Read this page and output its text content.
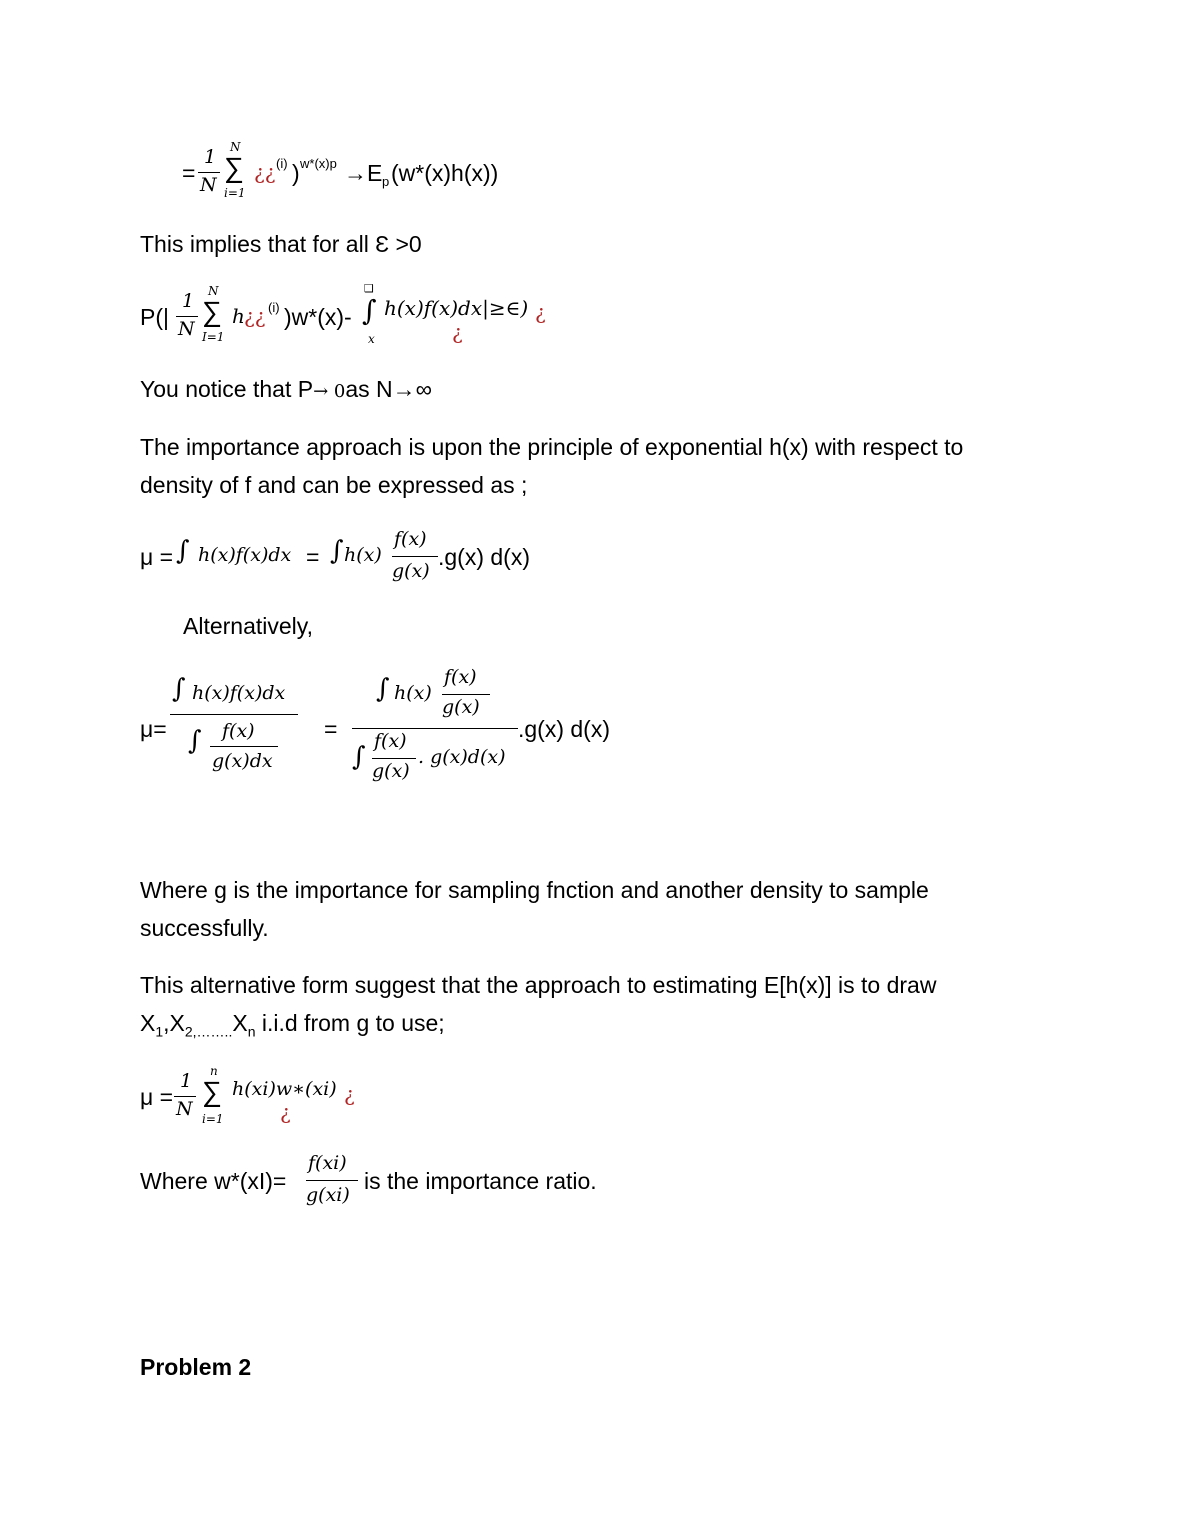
=
1
N
N
∑
i=1
¿¿ (i) ) w*(x)p →E p (w*(x)h(x))
This implies that for all Ɛ >0
P(|
1
N
N
∑
I=1
h ¿¿ (i) )w*(x)-
❑
∫
x
h(x)f(x)dx|≥∈) ¿
¿
You notice that P→ 0as N→∞
The importance approach is upon the principle of exponential h(x) with respect to density of f and can be expressed as ;
μ = ∫ h(x)f(x)dx = ∫ h(x)
f(x)
g(x)
.g(x) d(x)
Alternatively,
μ=
∫ h(x)f(x)dx
∫ f(x)
g(x)dx
=
∫ h(x)
f(x)
g(x)
∫
f(x)
g(x)
. g(x)d(x)
.g(x) d(x)
Where g is the importance for sampling fnction and another density to sample successfully.
This alternative form suggest that the approach to estimating E[h(x)] is to draw
$X_1,X_{2,\dots\dots..}X_n$ i.i.d from g to use;
μ =
1
N
n
∑
i=1
h(xi)w∗(xi) ¿
¿
Where w*(xI)=
f(xi)
g(xi)
is the importance ratio.
Problem 2
